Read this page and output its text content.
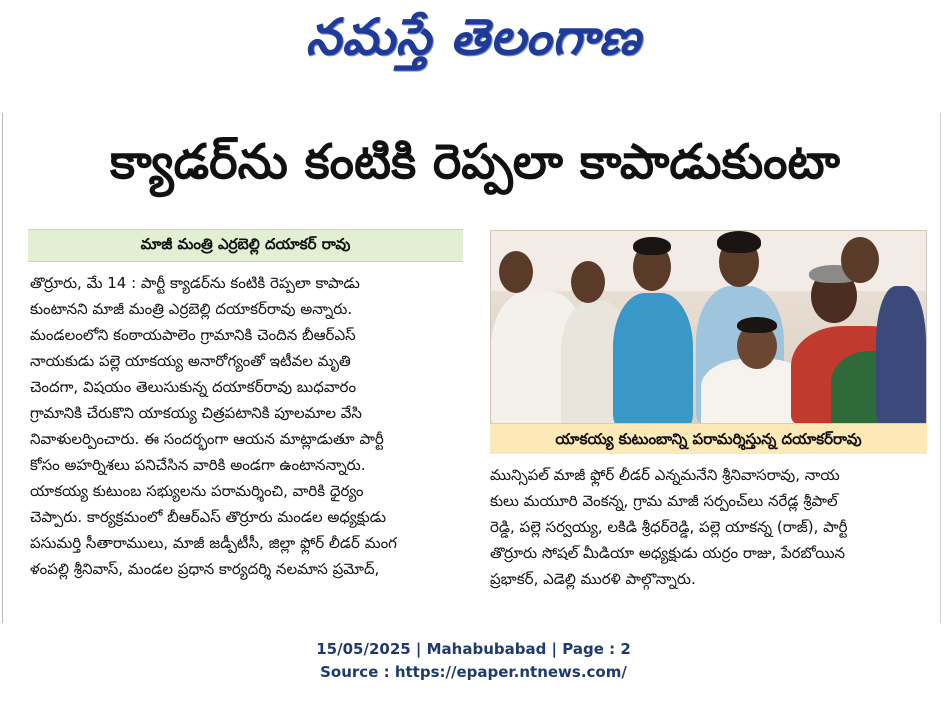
నమస్తే తెలంగాణ
క్యాడర్‌ను కంటికి రెప్పలా కాపాడుకుంటా
మాజీ మంత్రి ఎర్రబెల్లి దయాకర్‌ రావు
తొర్రూరు, మే 14 : పార్టీ క్యాడర్‌ను కంటికి రెప్పలా కాపాడు
కుంటానని మాజీ మంత్రి ఎర్రబెల్లి దయాకర్‌రావు అన్నారు.
మండలంలోని కంఠాయపాలెం గ్రామానికి చెందిన బీఆర్‌ఎస్‌
నాయకుడు పల్లె యాకయ్య అనారోగ్యంతో ఇటీవల మృతి
చెందగా, విషయం తెలుసుకున్న దయాకర్‌రావు బుధవారం
గ్రామానికి చేరుకొని యాకయ్య చిత్రపటానికి పూలమాల వేసి
నివాళులర్పించారు. ఈ సందర్భంగా ఆయన మాట్లాడుతూ పార్టీ
కోసం అహర్నిశలు పనిచేసిన వారికి అండగా ఉంటానన్నారు.
యాకయ్య కుటుంబ సభ్యులను పరామర్శించి, వారికి ధైర్యం
చెప్పారు. కార్యక్రమంలో బీఆర్‌ఎస్‌ తొర్రూరు మండల అధ్యక్షుడు
పసుమర్తి సీతారాములు, మాజీ జడ్పీటీసీ, జిల్లా ఫ్లోర్‌ లీడర్‌ మంగ
ళంపల్లి శ్రీనివాస్‌, మండల ప్రధాన కార్యదర్శి నలమాస ప్రమోద్‌,
యాకయ్య కుటుంబాన్ని పరామర్శిస్తున్న దయాకర్‌రావు
మున్సిపల్‌ మాజీ ఫ్లోర్‌ లీడర్‌ ఎన్నమనేని శ్రీనివాసరావు, నాయ
కులు మయూరి వెంకన్న, గ్రామ మాజీ సర్పంచ్‌లు నరేడ్ల శ్రీపాల్‌
రెడ్డి, పల్లె సర్వయ్య, లకిడి శ్రీధర్‌రెడ్డి, పల్లె యాకన్న (రాజ్‌), పార్టీ
తొర్రూరు సోషల్‌ మీడియా అధ్యక్షుడు యర్రం రాజు, పేరబోయిన
ప్రభాకర్‌, ఎడెల్లి మురళి పాల్గొన్నారు.
15/05/2025 | Mahabubabad | Page : 2
Source : https://epaper.ntnews.com/
